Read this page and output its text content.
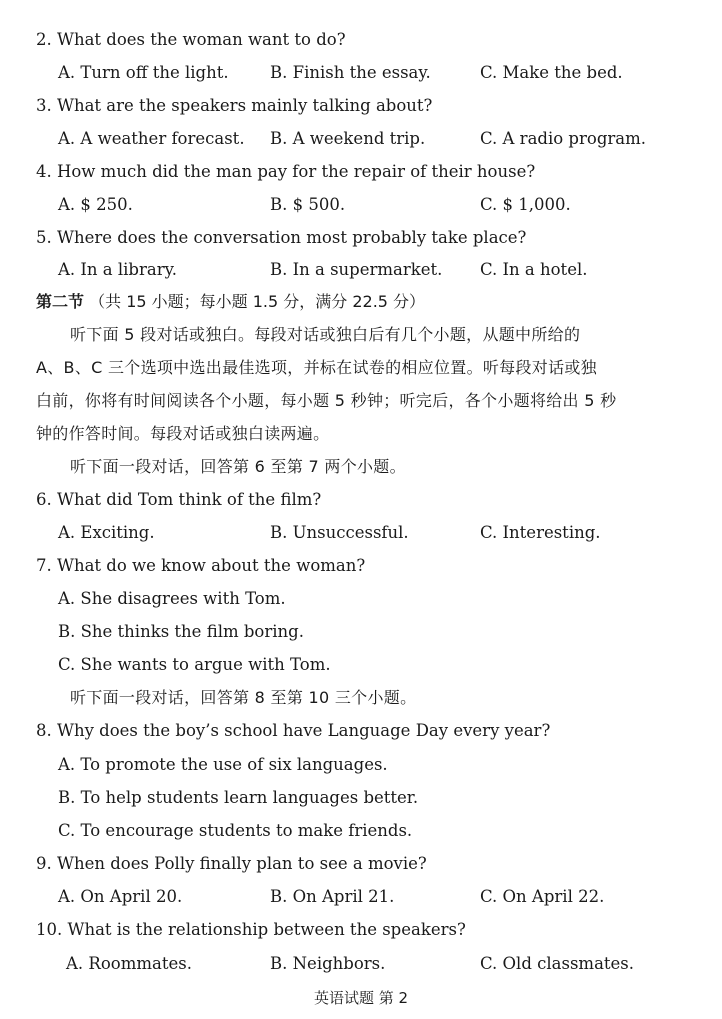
2. What does the woman want to do?
A. Turn off the light.	B. Finish the essay.	C. Make the bed.
3. What are the speakers mainly talking about?
A. A weather forecast. B. A weekend trip.	C. A radio program.
4. How much did the man pay for the repair of their house?
A. $ 250.	B. $ 500.	C. $ 1,000.
5. Where does the conversation most probably take place?
A. In a library.	B. In a supermarket. C. In a hotel.
第二节 （共 15 小题；每小题 1.5 分，满分 22.5 分）
听下面 5 段对话或独白。每段对话或独白后有几个小题，从题中所给的
A、B、C 三个选项中选出最佳选项，并标在试卷的相应位置。听每段对话或独
白前，你将有时间阅读各个小题，每小题 5 秒钟；听完后，各个小题将给出 5 秒
钟的作答时间。每段对话或独白读两遍。
听下面一段对话，回答第 6 至第 7 两个小题。
6. What did Tom think of the film?
A. Exciting.	B. Unsuccessful.	C. Interesting.
7. What do we know about the woman?
A. She disagrees with Tom.
B. She thinks the film boring.
C. She wants to argue with Tom.
听下面一段对话，回答第 8 至第 10 三个小题。
8. Why does the boy’s school have Language Day every year?
A. To promote the use of six languages.
B. To help students learn languages better.
C. To encourage students to make friends.
9. When does Polly finally plan to see a movie?
A. On April 20.	B. On April 21.	C. On April 22.
10. What is the relationship between the speakers?
A. Roommates.	B. Neighbors.	C. Old classmates.
英语试题 第 2
